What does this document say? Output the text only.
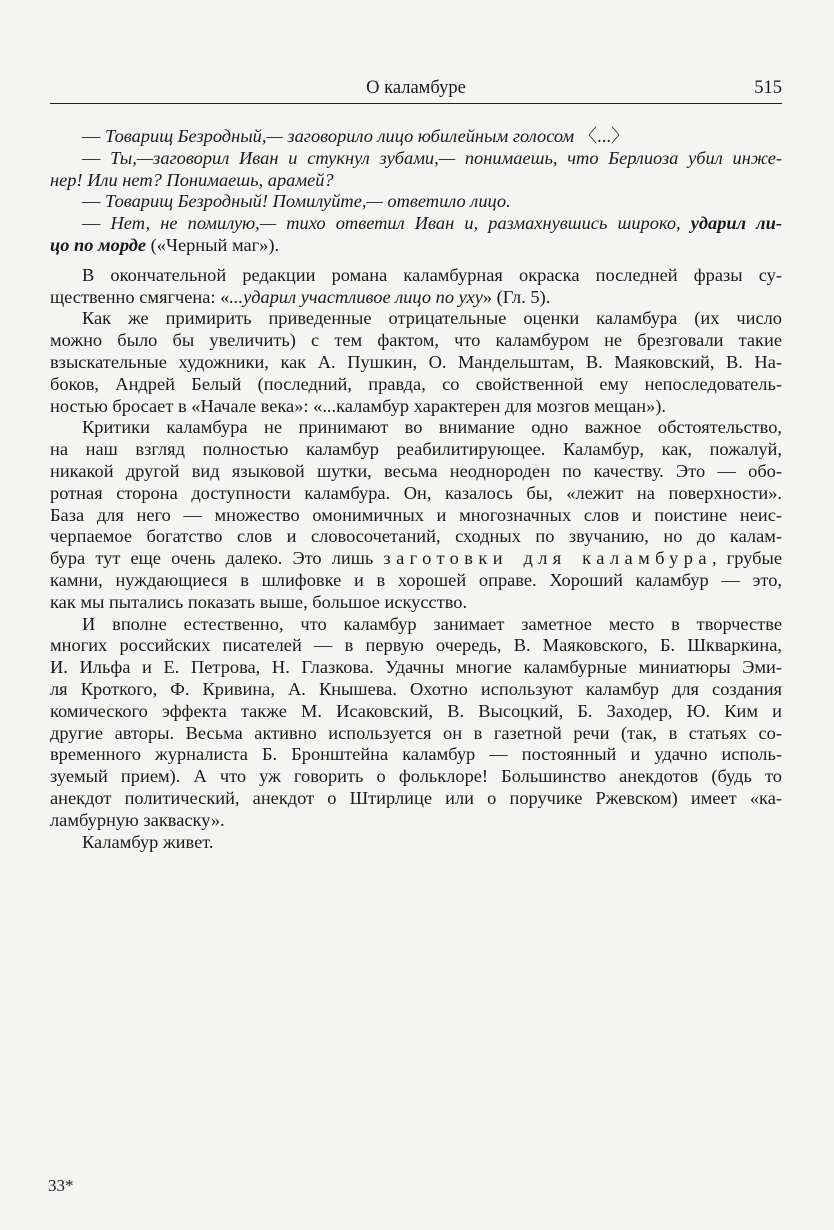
О каламбуре	515
— Товарищ Безродный,— заговорило лицо юбилейным голосом 〈...〉
— Ты,—заговорил Иван и стукнул зубами,— понимаешь, что Берлиоза убил инже-
нер! Или нет? Понимаешь, арамей?
— Товарищ Безродный! Помилуйте,— ответило лицо.
— Нет, не помилую,— тихо ответил Иван и, размахнувшись широко, ударил ли-
цо по морде («Черный маг»).
В окончательной редакции романа каламбурная окраска последней фразы су-
щественно смягчена: «...ударил участливое лицо по уху» (Гл. 5).
Как же примирить приведенные отрицательные оценки каламбура (их число
можно было бы увеличить) с тем фактом, что каламбуром не брезговали такие
взыскательные художники, как А. Пушкин, О. Мандельштам, В. Маяковский, В. На-
боков, Андрей Белый (последний, правда, со свойственной ему непоследователь-
ностью бросает в «Начале века»: «...каламбур характерен для мозгов мещан»).
Критики каламбура не принимают во внимание одно важное обстоятельство,
на наш взгляд полностью каламбур реабилитирующее. Каламбур, как, пожалуй,
никакой другой вид языковой шутки, весьма неоднороден по качеству. Это — обо-
ротная сторона доступности каламбура. Он, казалось бы, «лежит на поверхности».
База для него — множество омонимичных и многозначных слов и поистине неис-
черпаемое богатство слов и словосочетаний, сходных по звучанию, но до калам-
бура тут еще очень далеко. Это лишь заготовки для каламбура, грубые
камни, нуждающиеся в шлифовке и в хорошей оправе. Хороший каламбур — это,
как мы пытались показать выше, большое искусство.
И вполне естественно, что каламбур занимает заметное место в творчестве
многих российских писателей — в первую очередь, В. Маяковского, Б. Шкваркина,
И. Ильфа и Е. Петрова, Н. Глазкова. Удачны многие каламбурные миниатюры Эми-
ля Кроткого, Ф. Кривина, А. Кнышева. Охотно используют каламбур для создания
комического эффекта также М. Исаковский, В. Высоцкий, Б. Заходер, Ю. Ким и
другие авторы. Весьма активно используется он в газетной речи (так, в статьях со-
временного журналиста Б. Бронштейна каламбур — постоянный и удачно исполь-
зуемый прием). А что уж говорить о фольклоре! Большинство анекдотов (будь то
анекдот политический, анекдот о Штирлице или о поручике Ржевском) имеет «ка-
ламбурную закваску».
Каламбур живет.
33*
